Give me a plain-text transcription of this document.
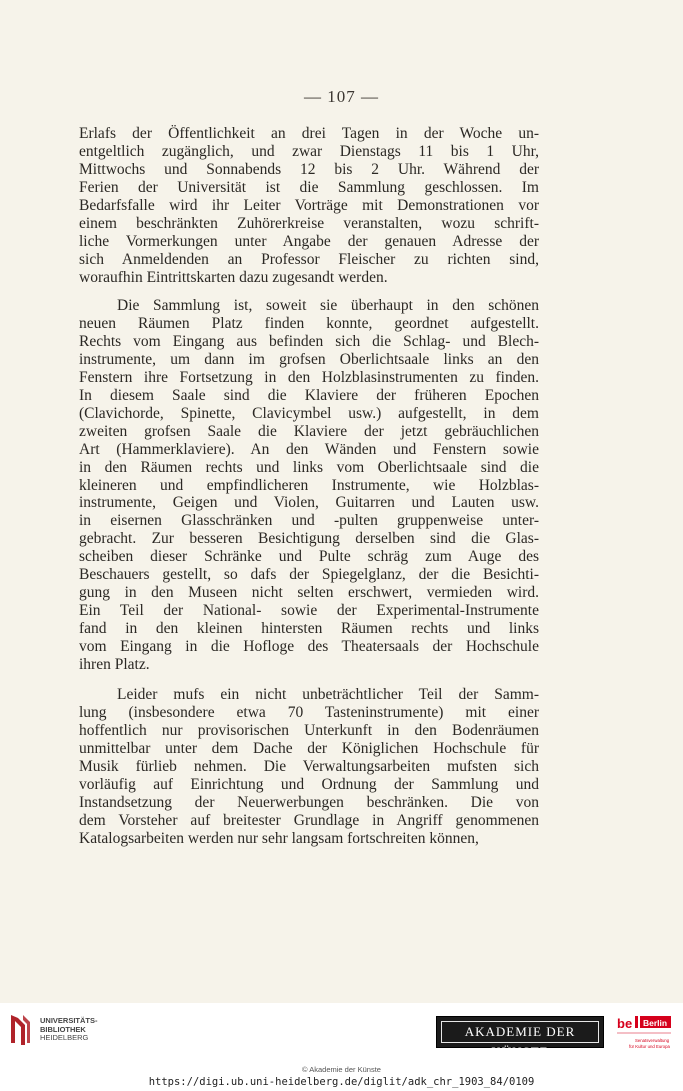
— 107 —

Erlafs der Öffentlichkeit an drei Tagen in der Woche un-
entgeltlich zugänglich, und zwar Dienstags 11 bis 1 Uhr,
Mittwochs und Sonnabends 12 bis 2 Uhr. Während der
Ferien der Universität ist die Sammlung geschlossen. Im
Bedarfsfalle wird ihr Leiter Vorträge mit Demonstrationen vor
einem beschränkten Zuhörerkreise veranstalten, wozu schrift-
liche Vormerkungen unter Angabe der genauen Adresse der
sich Anmeldenden an Professor Fleischer zu richten sind,
woraufhin Eintrittskarten dazu zugesandt werden.

Die Sammlung ist, soweit sie überhaupt in den schönen
neuen Räumen Platz finden konnte, geordnet aufgestellt.
Rechts vom Eingang aus befinden sich die Schlag- und Blech-
instrumente, um dann im grofsen Oberlichtsaale links an den
Fenstern ihre Fortsetzung in den Holzblasinstrumenten zu finden.
In diesem Saale sind die Klaviere der früheren Epochen
(Clavichorde, Spinette, Clavicymbel usw.) aufgestellt, in dem
zweiten grofsen Saale die Klaviere der jetzt gebräuchlichen
Art (Hammerklaviere). An den Wänden und Fenstern sowie
in den Räumen rechts und links vom Oberlichtsaale sind die
kleineren und empfindlicheren Instrumente, wie Holzblas-
instrumente, Geigen und Violen, Guitarren und Lauten usw.
in eisernen Glasschränken und -pulten gruppenweise unter-
gebracht. Zur besseren Besichtigung derselben sind die Glas-
scheiben dieser Schränke und Pulte schräg zum Auge des
Beschauers gestellt, so dafs der Spiegelglanz, der die Besichti-
gung in den Museen nicht selten erschwert, vermieden wird.
Ein Teil der National- sowie der Experimental-Instrumente
fand in den kleinen hintersten Räumen rechts und links
vom Eingang in die Hofloge des Theatersaals der Hochschule
ihren Platz.

Leider mufs ein nicht unbeträchtlicher Teil der Samm-
lung (insbesondere etwa 70 Tasteninstrumente) mit einer
hoffentlich nur provisorischen Unterkunft in den Bodenräumen
unmittelbar unter dem Dache der Königlichen Hochschule für
Musik fürlieb nehmen. Die Verwaltungsarbeiten mufsten sich
vorläufig auf Einrichtung und Ordnung der Sammlung und
Instandsetzung der Neuerwerbungen beschränken. Die von
dem Vorsteher auf breitester Grundlage in Angriff genommenen
Katalogsarbeiten werden nur sehr langsam fortschreiten können,

UNIVERSITÄTS-
BIBLIOTHEK
HEIDELBERG	AKADEMIE DER KÜNSTE
be Berlin
Senatsverwaltung
für Kultur und Europa
© Akademie der Künste
https://digi.ub.uni-heidelberg.de/diglit/adk_chr_1903_84/0109
